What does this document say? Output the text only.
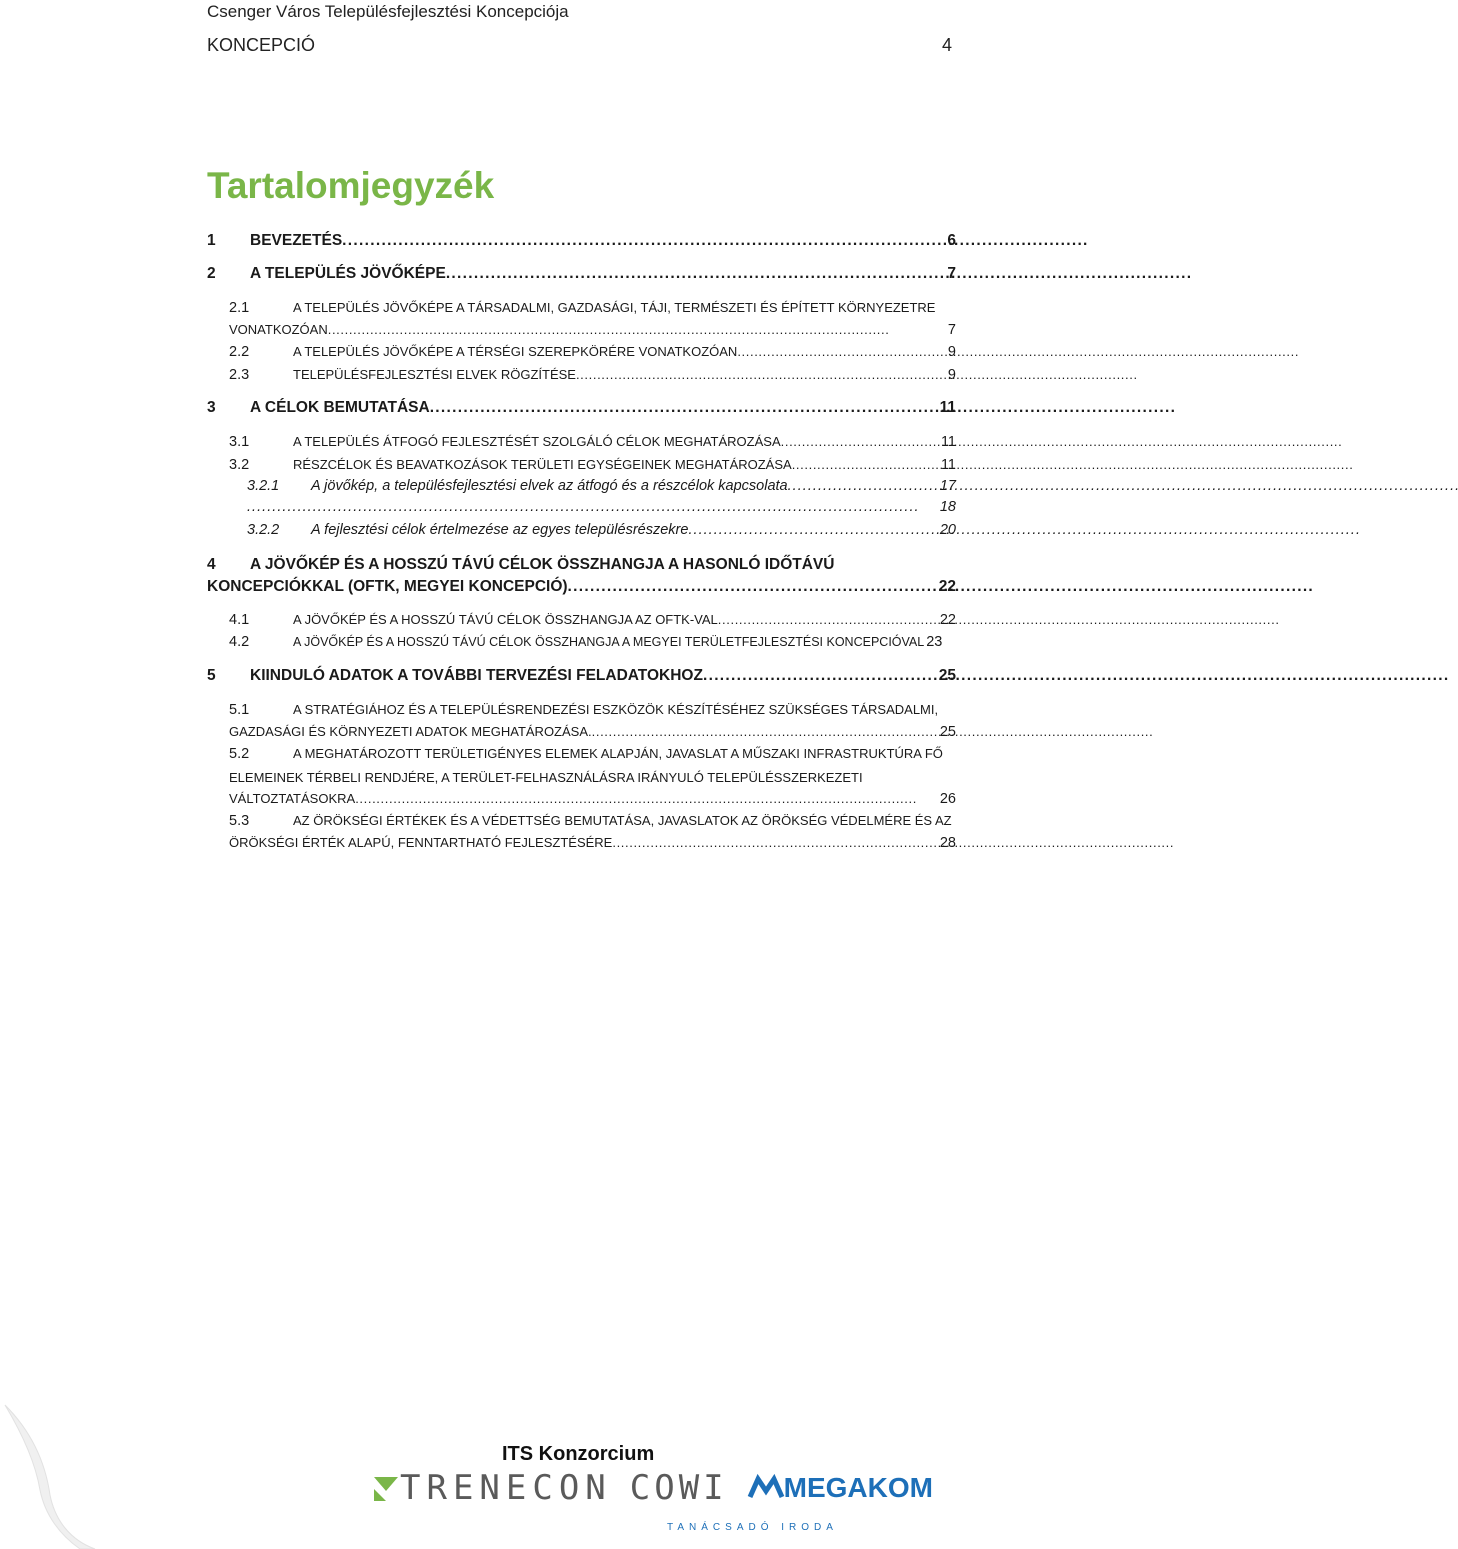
Csenger Város Településfejlesztési Koncepciója
KONCEPCIÓ	4
Tartalomjegyzék
1	BEVEZETÉS . . .	6
2	A TELEPÜLÉS JÖVŐKÉPE . . .	7
2.1	A TELEPÜLÉS JÖVŐKÉPE A TÁRSADALMI, GAZDASÁGI, TÁJI, TERMÉSZETI ÉS ÉPÍTETT KÖRNYEZETRE
VONATKOZÓAN . . .	7
2.2	A TELEPÜLÉS JÖVŐKÉPE A TÉRSÉGI SZEREPKÖRÉRE VONATKOZÓAN . . .	9
2.3	TELEPÜLÉSFEJLESZTÉSI ELVEK RÖGZÍTÉSE . . .	9
3	A CÉLOK BEMUTATÁSA . . .	11
3.1	A TELEPÜLÉS ÁTFOGÓ FEJLESZTÉSÉT SZOLGÁLÓ CÉLOK MEGHATÁROZÁSA . . .	11
3.2	RÉSZCÉLOK ÉS BEAVATKOZÁSOK TERÜLETI EGYSÉGEINEK MEGHATÁROZÁSA . . .	11
3.2.1	A jövőkép, a településfejlesztési elvek az átfogó és a részcélok kapcsolata . . .	17
. . .
18
3.2.2	A fejlesztési célok értelmezése az egyes településrészekre . . .	20
4 A JÖVŐKÉP ÉS A HOSSZÚ TÁVÚ CÉLOK ÖSSZHANGJA A HASONLÓ IDŐTÁVÚ
KONCEPCIÓKKAL (OFTK, MEGYEI KONCEPCIÓ) . . .	22
4.1	A JÖVŐKÉP ÉS A HOSSZÚ TÁVÚ CÉLOK ÖSSZHANGJA AZ OFTK-VAL . . .	22
4.2	A JÖVŐKÉP ÉS A HOSSZÚ TÁVÚ CÉLOK ÖSSZHANGJA A MEGYEI TERÜLETFEJLESZTÉSI KONCEPCIÓVAL 23
5	KIINDULÓ ADATOK A TOVÁBBI TERVEZÉSI FELADATOKHOZ . . .	25
5.1	A STRATÉGIÁHOZ ÉS A TELEPÜLÉSRENDEZÉSI ESZKÖZÖK KÉSZÍTÉSÉHEZ SZÜKSÉGES TÁRSADALMI,
GAZDASÁGI ÉS KÖRNYEZETI ADATOK MEGHATÁROZÁSA. . . .	25
5.2	A MEGHATÁROZOTT TERÜLETIGÉNYES ELEMEK ALAPJÁN, JAVASLAT A MŰSZAKI INFRASTRUKTÚRA FŐ
ELEMEINEK TÉRBELI RENDJÉRE, A TERÜLET-FELHASZNÁLÁSRA IRÁNYULÓ TELEPÜLÉSSZERKEZETI
VÁLTOZTATÁSOKRA . . .	26
5.3	AZ ÖRÖKSÉGI ÉRTÉKEK ÉS A VÉDETTSÉG BEMUTATÁSA, JAVASLATOK AZ ÖRÖKSÉG VÉDELMÉRE ÉS AZ
ÖRÖKSÉGI ÉRTÉK ALAPÚ, FENNTARTHATÓ FEJLESZTÉSÉRE . . .	28
ITS Konzorcium
TRENECON COWI MEGAKOM
TANÁCSADÓ IRODA
